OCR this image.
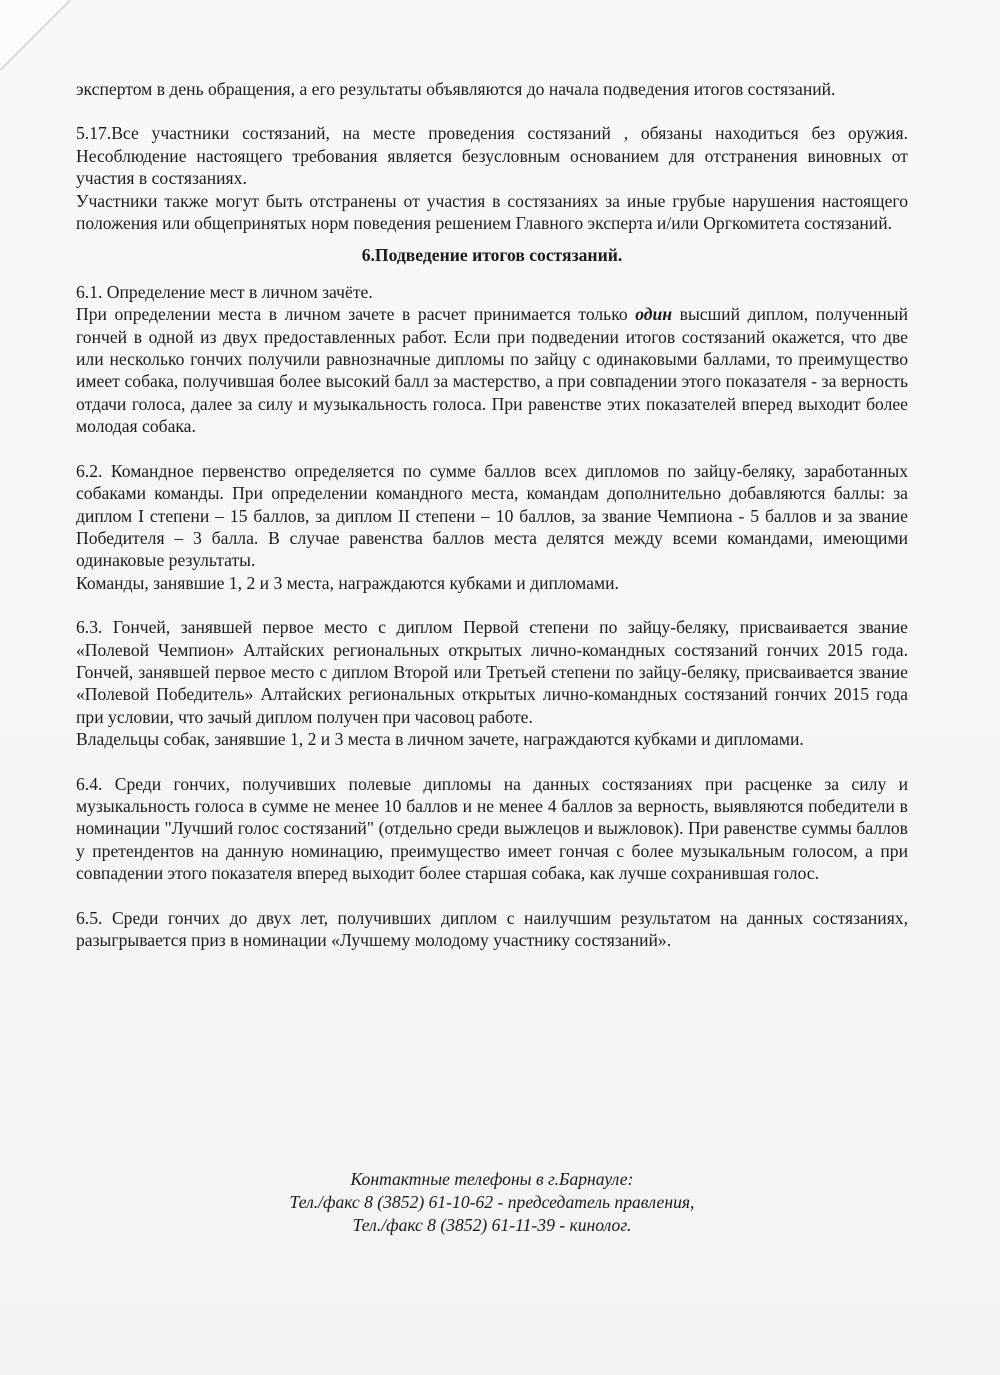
экспертом в день обращения, а его результаты объявляются до начала подведения итогов состязаний.

5.17.Все участники состязаний, на месте проведения состязаний , обязаны находиться без оружия. Несоблюдение настоящего требования является безусловным основанием для отстранения виновных от участия в состязаниях.

Участники также могут быть отстранены от участия в состязаниях за иные грубые нарушения настоящего положения или общепринятых норм поведения решением Главного эксперта и/или Оргкомитета состязаний.

6.Подведение итогов состязаний.

6.1. Определение мест в личном зачёте.

При определении места в личном зачете в расчет принимается только один высший диплом, полученный гончей в одной из двух предоставленных работ. Если при подведении итогов состязаний окажется, что две или несколько гончих получили равнозначные дипломы по зайцу с одинаковыми баллами, то преимущество имеет собака, получившая более высокий балл за мастерство, а при совпадении этого показателя - за верность отдачи голоса, далее за силу и музыкальность голоса. При равенстве этих показателей вперед выходит более молодая собака.

6.2. Командное первенство определяется по сумме баллов всех дипломов по зайцу-беляку, заработанных собаками команды. При определении командного места, командам дополнительно добавляются баллы: за диплом I степени – 15 баллов, за диплом II степени – 10 баллов, за звание Чемпиона - 5 баллов и за звание Победителя – 3 балла. В случае равенства баллов места делятся между всеми командами, имеющими одинаковые результаты.

Команды, занявшие 1, 2 и 3 места, награждаются кубками и дипломами.

6.3. Гончей, занявшей первое место с диплом Первой степени по зайцу-беляку, присваивается звание «Полевой Чемпион» Алтайских региональных открытых лично-командных состязаний гончих 2015 года. Гончей, занявшей первое место с диплом Второй или Третьей степени по зайцу-беляку, присваивается звание «Полевой Победитель» Алтайских региональных открытых лично-командных состязаний гончих 2015 года при условии, что зачый диплом получен при часовоц работе.

Владельцы собак, занявшие 1, 2 и 3 места в личном зачете, награждаются кубками и дипломами.

6.4. Среди гончих, получивших полевые дипломы на данных состязаниях при расценке за силу и музыкальность голоса в сумме не менее 10 баллов и не менее 4 баллов за верность, выявляются победители в номинации "Лучший голос состязаний" (отдельно среди выжлецов и выжловок). При равенстве суммы баллов у претендентов на данную номинацию, преимущество имеет гончая с более музыкальным голосом, а при совпадении этого показателя вперед выходит более старшая собака, как лучше сохранившая голос.

6.5. Среди гончих до двух лет, получивших диплом с наилучшим результатом на данных состязаниях, разыгрывается приз в номинации «Лучшему молодому участнику состязаний».

Контактные телефоны в г.Барнауле:
Тел./факс 8 (3852) 61-10-62 - председатель правления,
Тел./факс 8 (3852) 61-11-39 - кинолог.
